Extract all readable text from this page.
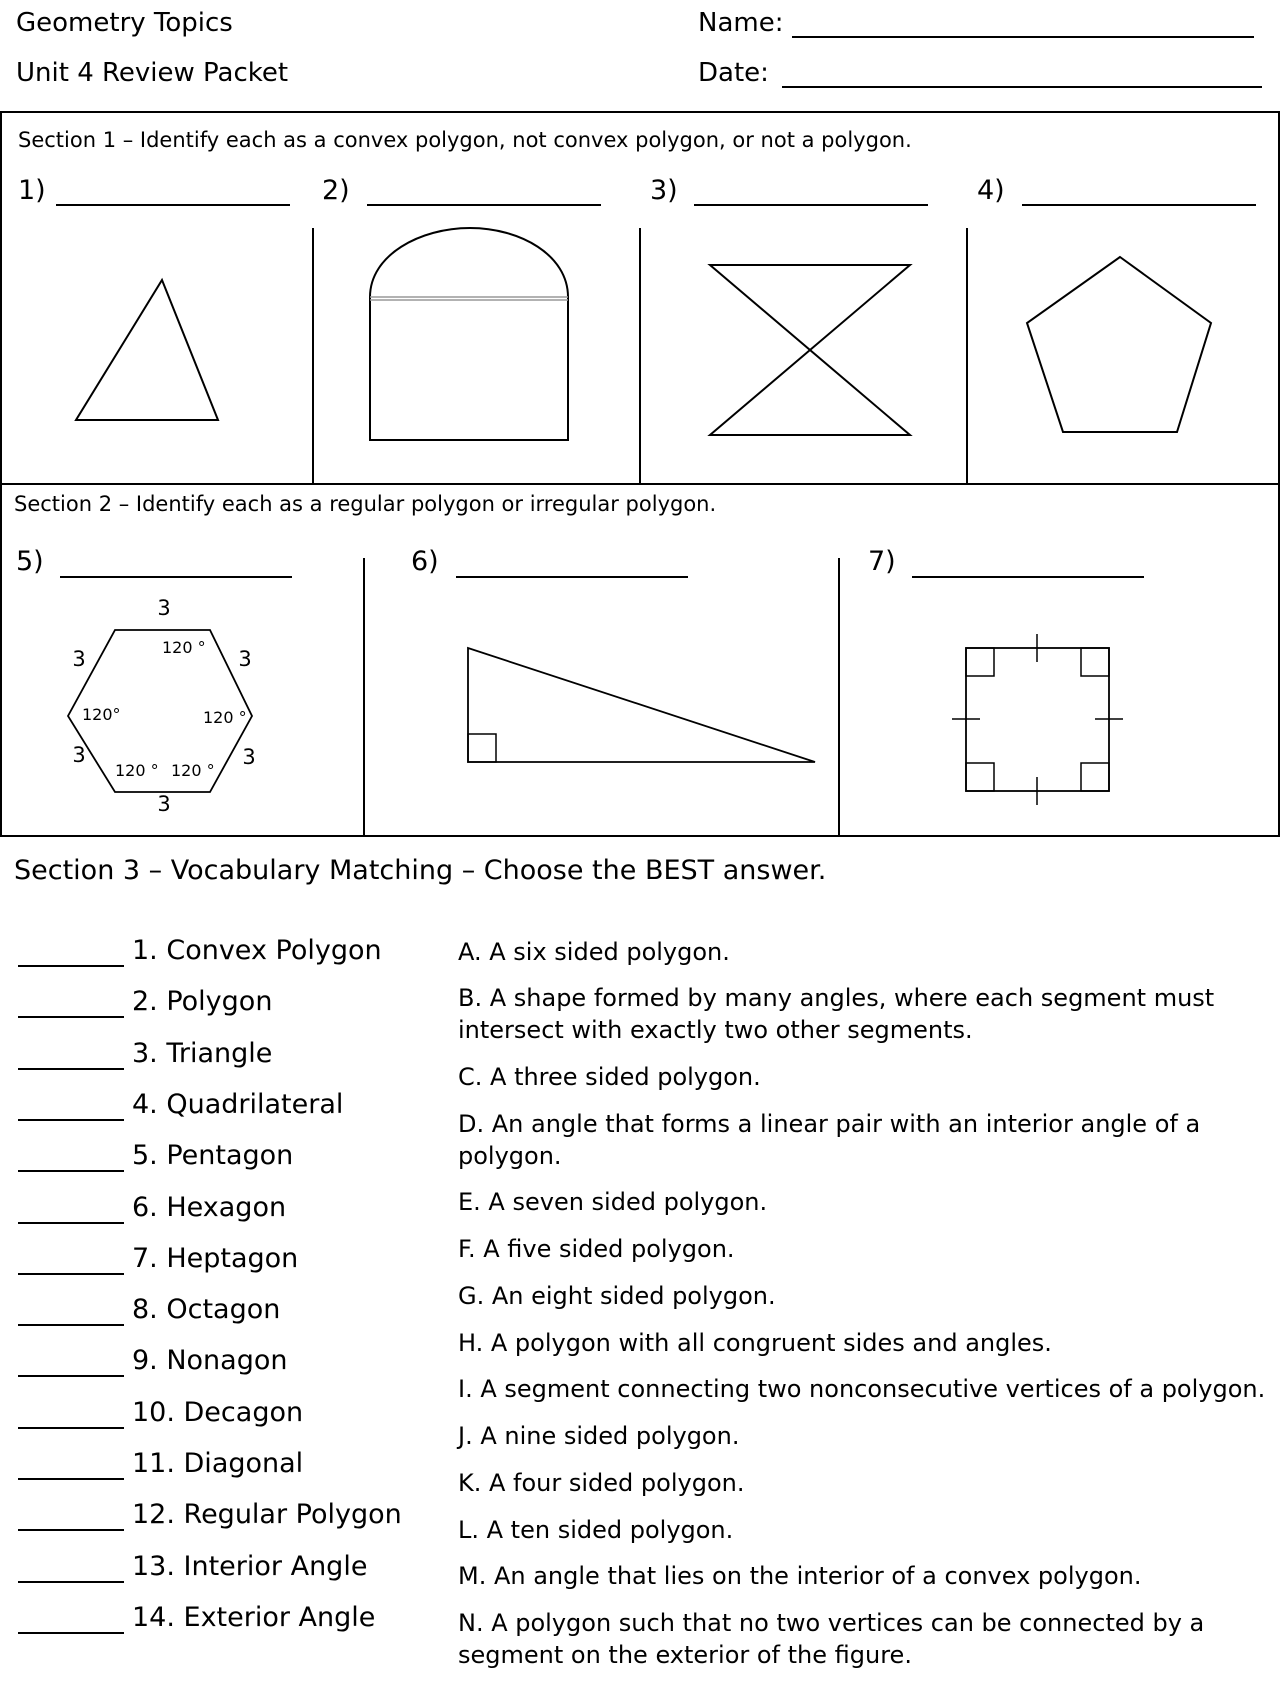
Geometry Topics
Unit 4 Review Packet
Name:
Date:
Section 1 – Identify each as a convex polygon, not convex polygon, or not a polygon.
1)	2)	3)	4)
Section 2 – Identify each as a regular polygon or irregular polygon.
5)	6)	7)
3
3
3
3
3
3	120 °
120 °
120 °
120 °
120°
Section 3 – Vocabulary Matching – Choose the BEST answer.
1. Convex Polygon
2. Polygon
3. Triangle
4. Quadrilateral
5. Pentagon
6. Hexagon
7. Heptagon
8. Octagon
9. Nonagon
10. Decagon
11. Diagonal
12. Regular Polygon
13. Interior Angle
14. Exterior Angle
A. A six sided polygon.
B. A shape formed by many angles, where each segment must intersect with exactly two other segments.
C. A three sided polygon.
D. An angle that forms a linear pair with an interior angle of a polygon.
E. A seven sided polygon.
F. A five sided polygon.
G. An eight sided polygon.
H. A polygon with all congruent sides and angles.
I. A segment connecting two nonconsecutive vertices of a polygon.
J. A nine sided polygon.
K. A four sided polygon.
L. A ten sided polygon.
M. An angle that lies on the interior of a convex polygon.
N. A polygon such that no two vertices can be connected by a segment on the exterior of the figure.
